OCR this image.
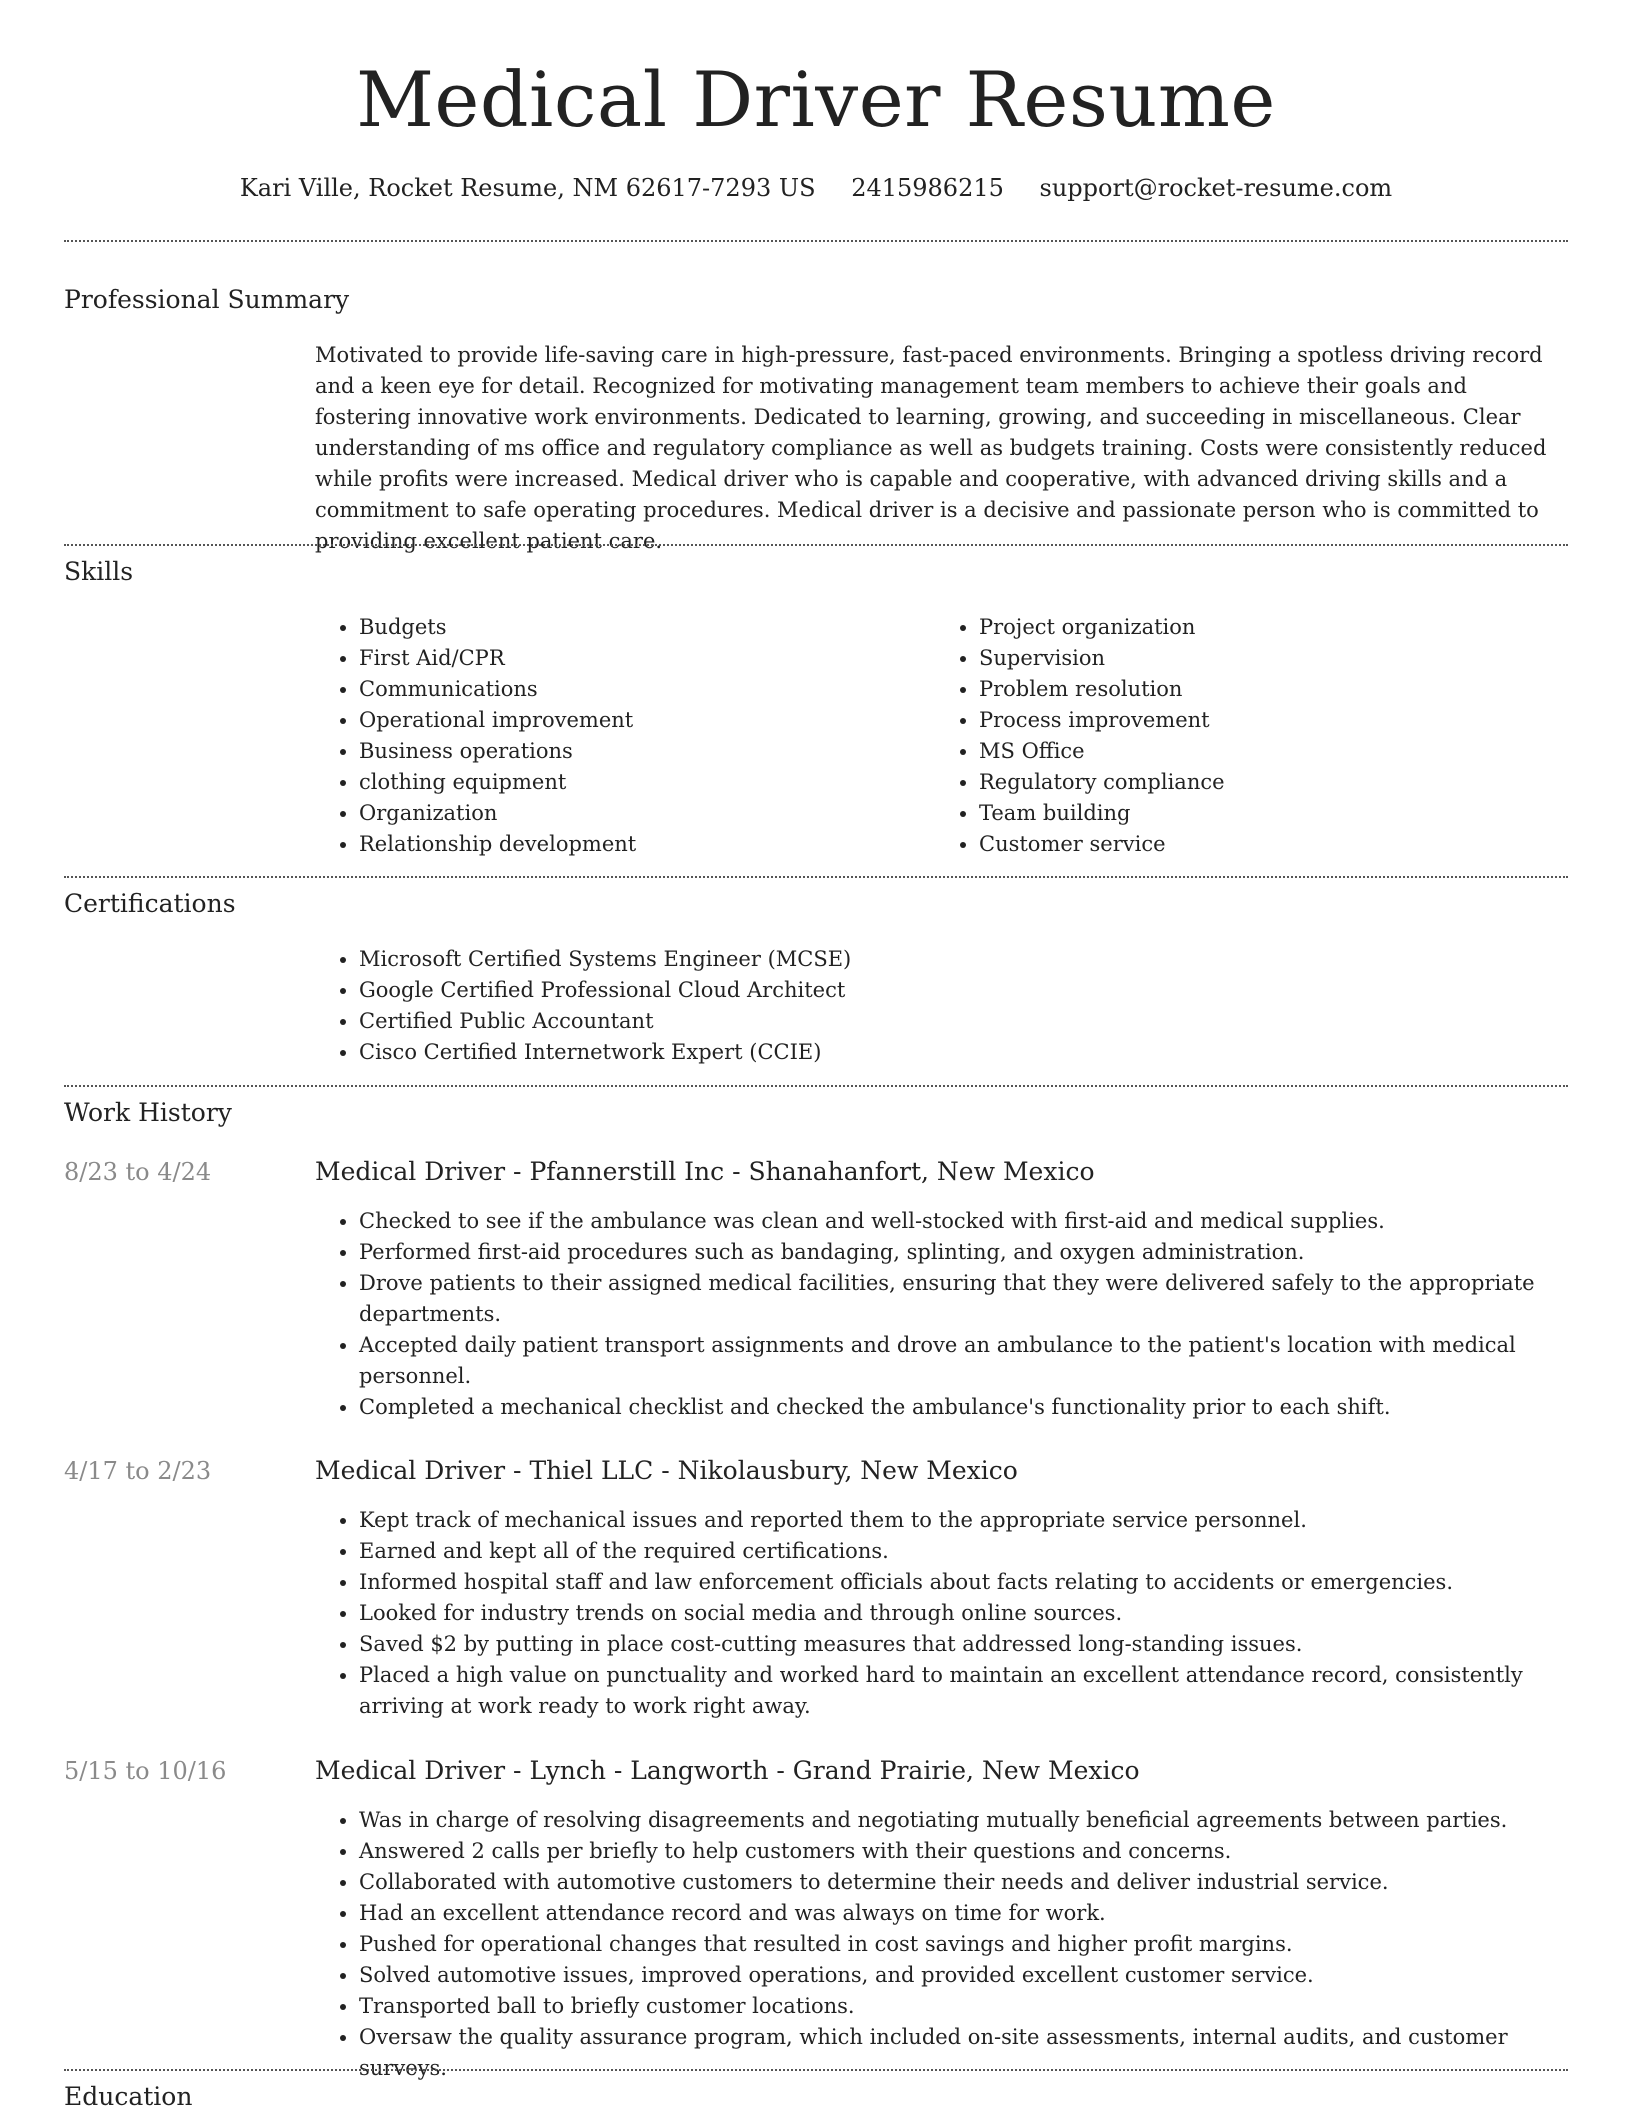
Medical Driver Resume
Kari Ville, Rocket Resume, NM 62617-7293 US 2415986215 support@rocket-resume.com
Professional Summary
Motivated to provide life-saving care in high-pressure, fast-paced environments. Bringing a spotless driving record and a keen eye for detail. Recognized for motivating management team members to achieve their goals and fostering innovative work environments. Dedicated to learning, growing, and succeeding in miscellaneous. Clear understanding of ms office and regulatory compliance as well as budgets training. Costs were consistently reduced while profits were increased. Medical driver who is capable and cooperative, with advanced driving skills and a commitment to safe operating procedures. Medical driver is a decisive and passionate person who is committed to providing excellent patient care.
Skills
• Budgets
• First Aid/CPR
• Communications
• Operational improvement
• Business operations
• clothing equipment
• Organization
• Relationship development
• Project organization
• Supervision
• Problem resolution
• Process improvement
• MS Office
• Regulatory compliance
• Team building
• Customer service
Certifications
• Microsoft Certified Systems Engineer (MCSE)
• Google Certified Professional Cloud Architect
• Certified Public Accountant
• Cisco Certified Internetwork Expert (CCIE)
Work History
8/23 to 4/24	Medical Driver - Pfannerstill Inc - Shanahanfort, New Mexico
• Checked to see if the ambulance was clean and well-stocked with first-aid and medical supplies.
• Performed first-aid procedures such as bandaging, splinting, and oxygen administration.
• Drove patients to their assigned medical facilities, ensuring that they were delivered safely to the appropriate departments.
• Accepted daily patient transport assignments and drove an ambulance to the patient's location with medical personnel.
• Completed a mechanical checklist and checked the ambulance's functionality prior to each shift.
4/17 to 2/23	Medical Driver - Thiel LLC - Nikolausbury, New Mexico
• Kept track of mechanical issues and reported them to the appropriate service personnel.
• Earned and kept all of the required certifications.
• Informed hospital staff and law enforcement officials about facts relating to accidents or emergencies.
• Looked for industry trends on social media and through online sources.
• Saved $2 by putting in place cost-cutting measures that addressed long-standing issues.
• Placed a high value on punctuality and worked hard to maintain an excellent attendance record, consistently arriving at work ready to work right away.
5/15 to 10/16	Medical Driver - Lynch - Langworth - Grand Prairie, New Mexico
• Was in charge of resolving disagreements and negotiating mutually beneficial agreements between parties.
• Answered 2 calls per briefly to help customers with their questions and concerns.
• Collaborated with automotive customers to determine their needs and deliver industrial service.
• Had an excellent attendance record and was always on time for work.
• Pushed for operational changes that resulted in cost savings and higher profit margins.
• Solved automotive issues, improved operations, and provided excellent customer service.
• Transported ball to briefly customer locations.
• Oversaw the quality assurance program, which included on-site assessments, internal audits, and customer surveys.
Education
